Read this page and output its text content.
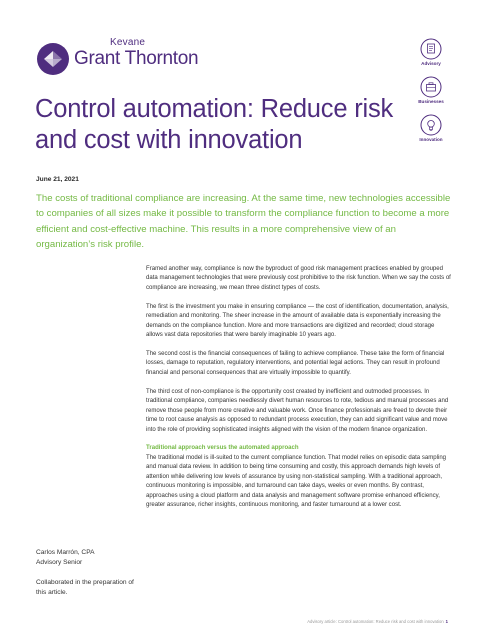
Kevane
Grant Thornton	Advisory
Businesses
Innovation
Control automation: Reduce risk and cost with innovation
June 21, 2021
The costs of traditional compliance are increasing. At the same time, new technologies accessible to companies of all sizes make it possible to transform the compliance function to become a more efficient and cost-effective machine. This results in a more comprehensive view of an organization’s risk profile.

Framed another way, compliance is now the byproduct of good risk management practices enabled by grouped data management technologies that were previously cost prohibitive to the risk function. When we say the costs of compliance are increasing, we mean three distinct types of costs.

The first is the investment you make in ensuring compliance — the cost of identification, documentation, analysis, remediation and monitoring. The sheer increase in the amount of available data is exponentially increasing the demands on the compliance function. More and more transactions are digitized and recorded; cloud storage allows vast data repositories that were barely imaginable 10 years ago.

The second cost is the financial consequences of failing to achieve compliance. These take the form of financial losses, damage to reputation, regulatory interventions, and potential legal actions. They can result in profound financial and personal consequences that are virtually impossible to quantify.

The third cost of non-compliance is the opportunity cost created by inefficient and outmoded processes. In traditional compliance, companies needlessly divert human resources to rote, tedious and manual processes and remove those people from more creative and valuable work. Once finance professionals are freed to devote their time to root cause analysis as opposed to redundant process execution, they can add significant value and move into the role of providing sophisticated insights aligned with the vision of the modern finance organization.

Traditional approach versus the automated approach

The traditional model is ill-suited to the current compliance function. That model relies on episodic data sampling and manual data review. In addition to being time consuming and costly, this approach demands high levels of attention while delivering low levels of assurance by using non-statistical sampling. With a traditional approach, continuous monitoring is impossible, and turnaround can take days, weeks or even months. By contrast, approaches using a cloud platform and data analysis and management software promise enhanced efficiency, greater assurance, richer insights, continuous monitoring, and faster turnaround at a lower cost.

Carlos Marrón, CPA
Advisory Senior
Collaborated in the preparation of this article.
Advisory article: Control automation: Reduce risk and cost with innovation 1
